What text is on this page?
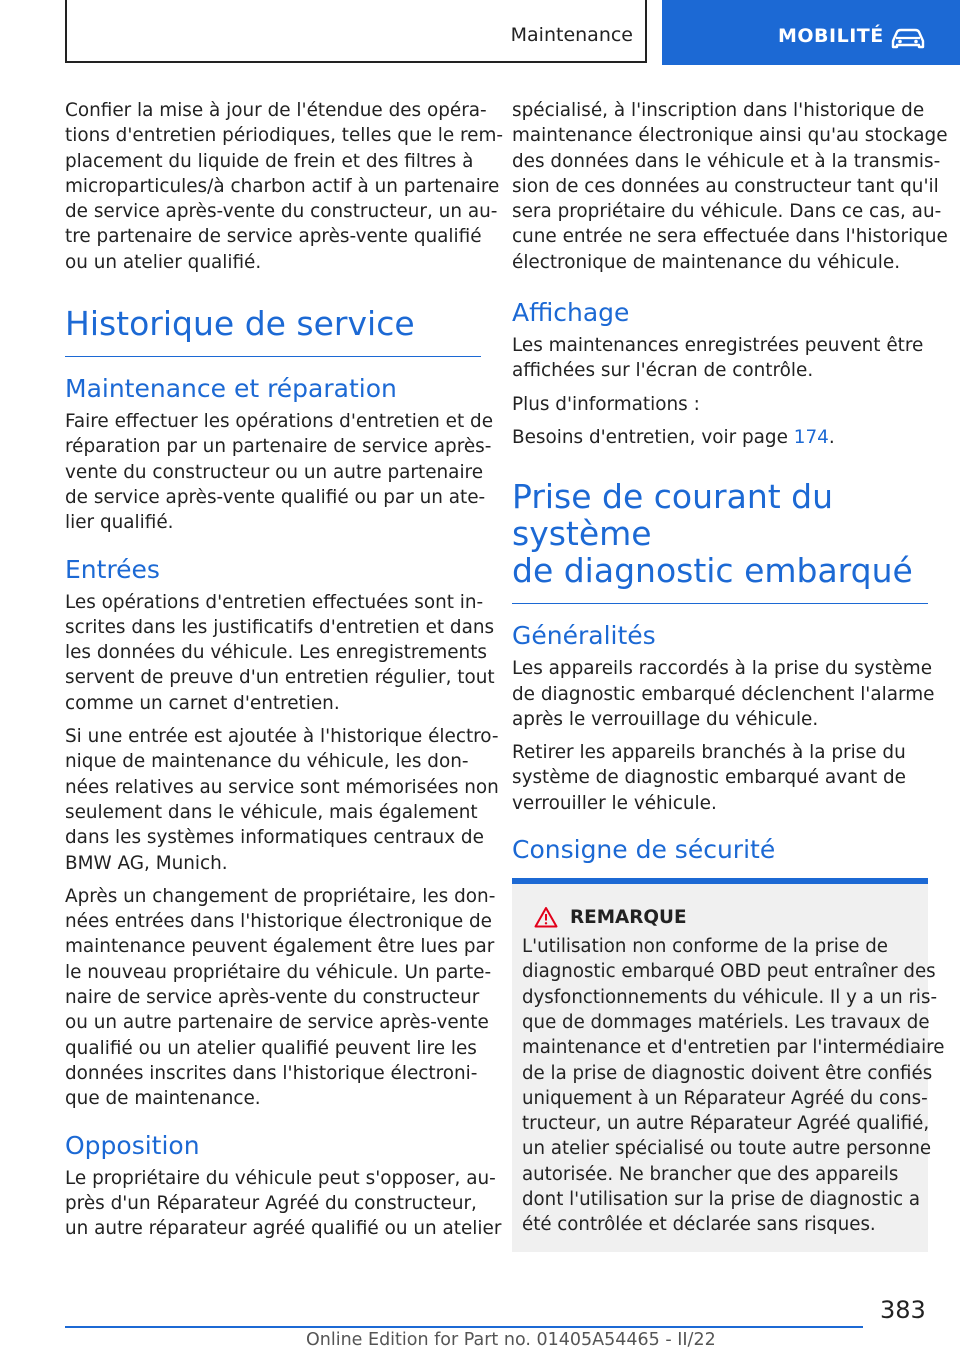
Maintenance	MOBILITÉ

Confier la mise à jour de l'étendue des opéra-
tions d'entretien périodiques, telles que le rem-
placement du liquide de frein et des filtres à
microparticules/à charbon actif à un partenaire
de service après-vente du constructeur, un au-
tre partenaire de service après-vente qualifié
ou un atelier qualifié.

Historique de service
Maintenance et réparation

Faire effectuer les opérations d'entretien et de
réparation par un partenaire de service après-
vente du constructeur ou un autre partenaire
de service après-vente qualifié ou par un ate-
lier qualifié.

Entrées

Les opérations d'entretien effectuées sont in-
scrites dans les justificatifs d'entretien et dans
les données du véhicule. Les enregistrements
servent de preuve d'un entretien régulier, tout
comme un carnet d'entretien.

Si une entrée est ajoutée à l'historique électro-
nique de maintenance du véhicule, les don-
nées relatives au service sont mémorisées non
seulement dans le véhicule, mais également
dans les systèmes informatiques centraux de
BMW AG, Munich.

Après un changement de propriétaire, les don-
nées entrées dans l'historique électronique de
maintenance peuvent également être lues par
le nouveau propriétaire du véhicule. Un parte-
naire de service après-vente du constructeur
ou un autre partenaire de service après-vente
qualifié ou un atelier qualifié peuvent lire les
données inscrites dans l'historique électroni-
que de maintenance.

Opposition

Le propriétaire du véhicule peut s'opposer, au-
près d'un Réparateur Agréé du constructeur,
un autre réparateur agréé qualifié ou un atelier

spécialisé, à l'inscription dans l'historique de
maintenance électronique ainsi qu'au stockage
des données dans le véhicule et à la transmis-
sion de ces données au constructeur tant qu'il
sera propriétaire du véhicule. Dans ce cas, au-
cune entrée ne sera effectuée dans l'historique
électronique de maintenance du véhicule.

Affichage

Les maintenances enregistrées peuvent être
affichées sur l'écran de contrôle.

Plus d'informations :

Besoins d'entretien, voir page 174.

Prise de courant du système
de diagnostic embarqué
Généralités

Les appareils raccordés à la prise du système
de diagnostic embarqué déclenchent l'alarme
après le verrouillage du véhicule.

Retirer les appareils branchés à la prise du
système de diagnostic embarqué avant de
verrouiller le véhicule.

Consigne de sécurité
REMARQUE

L'utilisation non conforme de la prise de
diagnostic embarqué OBD peut entraîner des
dysfonctionnements du véhicule. Il y a un ris-
que de dommages matériels. Les travaux de
maintenance et d'entretien par l'intermédiaire
de la prise de diagnostic doivent être confiés
uniquement à un Réparateur Agréé du cons-
tructeur, un autre Réparateur Agréé qualifié,
un atelier spécialisé ou toute autre personne
autorisée. Ne brancher que des appareils
dont l'utilisation sur la prise de diagnostic a
été contrôlée et déclarée sans risques.

383
Online Edition for Part no. 01405A54465 - II/22
